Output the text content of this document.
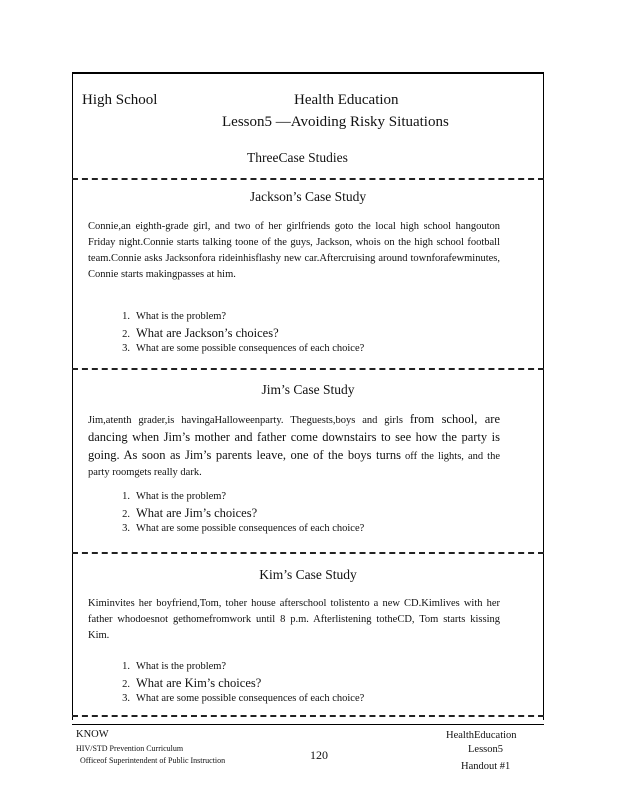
High School	Health Education
Lesson5 —Avoiding Risky Situations
ThreeCase Studies
Jackson’s Case Study
Connie,an eighth-grade girl, and two of her girlfriends goto the local high school hangouton Friday night.Connie starts talking toone of the guys, Jackson, whois on the high school football team.Connie asks Jacksonfora rideinhisflashy new car.Aftercruising around townforafewminutes, Connie starts makingpasses at him.
1. What is the problem?
2. What are Jackson’s choices?
3. What are some possible consequences of each choice?
Jim’s Case Study
Jim,atenth grader,is havingaHalloweenparty. Theguests,boys and girls from school, are dancing when Jim’s mother and father come downstairs to see how the party is going. As soon as Jim’s parents leave, one of the boys turns off the lights, and the party roomgets really dark.
1. What is the problem?
2. What are Jim’s choices?
3. What are some possible consequences of each choice?
Kim’s Case Study
Kiminvites her boyfriend,Tom, toher house afterschool tolistento a new CD.Kimlives with her father whodoesnot gethomefromwork until 8 p.m. Afterlistening totheCD, Tom starts kissing Kim.
1. What is the problem?
2. What are Kim’s choices?
3. What are some possible consequences of each choice?
KNOW
HIV/STD Prevention Curriculum
Officeof Superintendent of Public Instruction	120
HealthEducation
Lesson5
Handout #1
